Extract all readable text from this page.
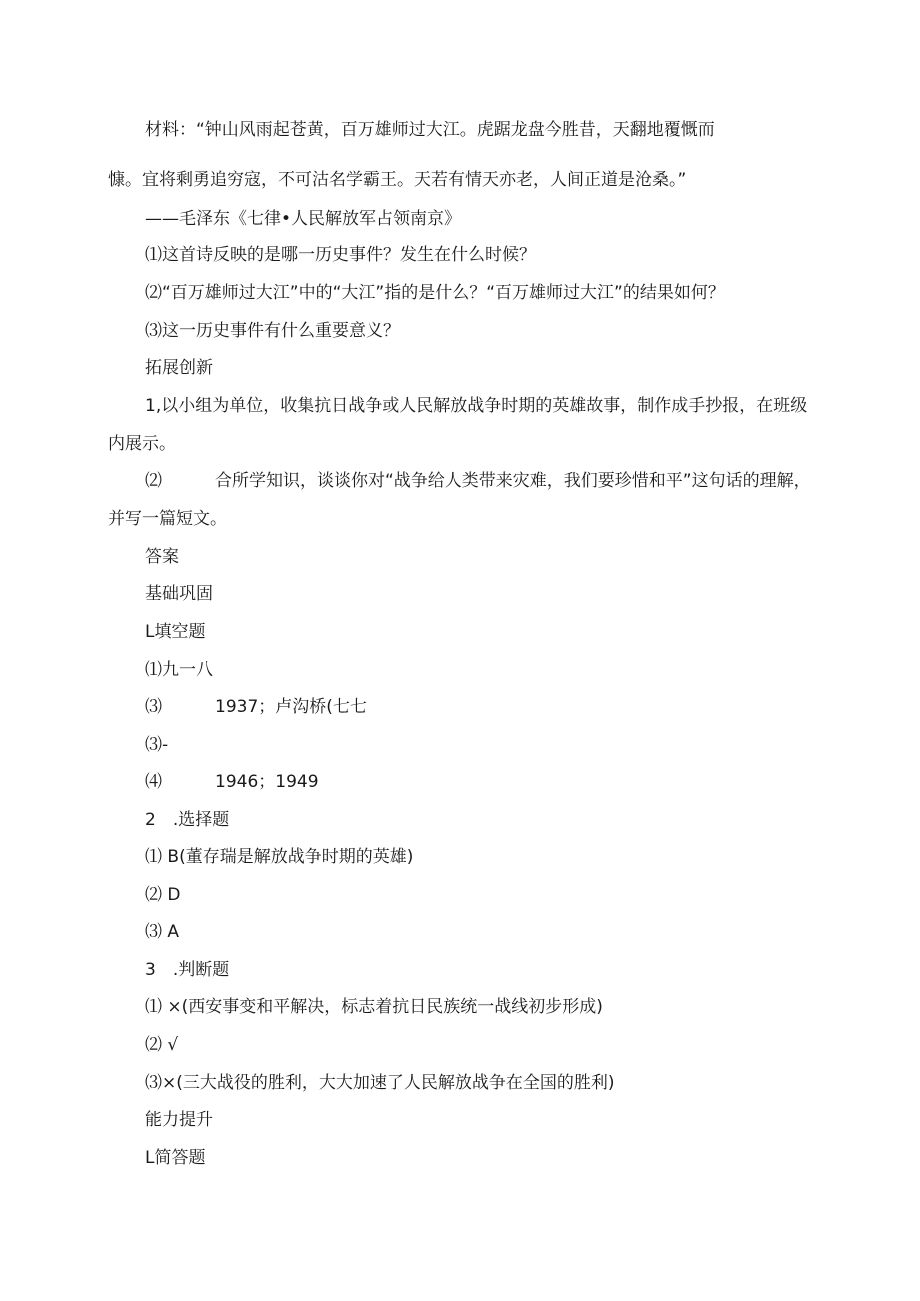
材料：“钟山风雨起苍黄，百万雄师过大江。虎踞龙盘今胜昔，天翻地覆慨而

慷。宜将剩勇追穷寇，不可沽名学霸王。天若有情天亦老，人间正道是沧桑。”

——毛泽东《七律•人民解放军占领南京》

⑴这首诗反映的是哪一历史事件？发生在什么时候？

⑵“百万雄师过大江”中的“大江”指的是什么？“百万雄师过大江”的结果如何？

⑶这一历史事件有什么重要意义？

拓展创新

1,以小组为单位，收集抗日战争或人民解放战争时期的英雄故事，制作成手抄报，在班级

内展示。

⑵	合所学知识，谈谈你对“战争给人类带来灾难，我们要珍惜和平”这句话的理解，

并写一篇短文。

答案

基础巩固

L填空题

⑴九一八

⑶	1937；卢沟桥(七七

⑶-

⑷	1946；1949

2　.选择题

⑴ B(董存瑞是解放战争时期的英雄)

⑵ D

⑶ A

3　.判断题

⑴ ×(西安事变和平解决，标志着抗日民族统一战线初步形成)

⑵ √

⑶×(三大战役的胜利，大大加速了人民解放战争在全国的胜利)

能力提升

L简答题
